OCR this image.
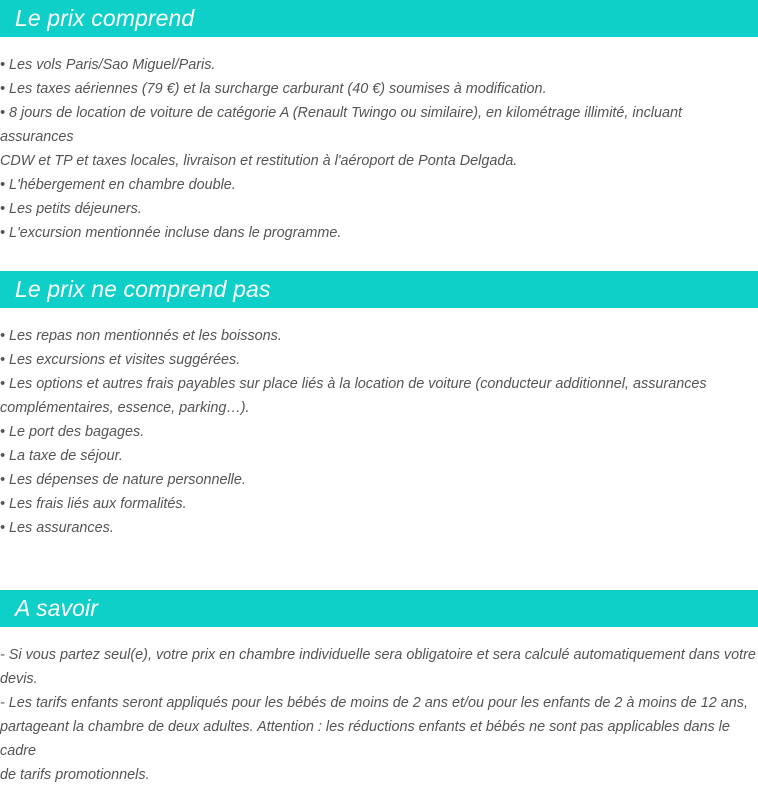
Le prix comprend
• Les vols Paris/Sao Miguel/Paris.
• Les taxes aériennes (79 €) et la surcharge carburant (40 €) soumises à modification.
• 8 jours de location de voiture de catégorie A (Renault Twingo ou similaire), en kilométrage illimité, incluant assurances
CDW et TP et taxes locales, livraison et restitution à l'aéroport de Ponta Delgada.
• L'hébergement en chambre double.
• Les petits déjeuners.
• L'excursion mentionnée incluse dans le programme.
Le prix ne comprend pas
• Les repas non mentionnés et les boissons.
• Les excursions et visites suggérées.
• Les options et autres frais payables sur place liés à la location de voiture (conducteur additionnel, assurances
complémentaires, essence, parking…).
• Le port des bagages.
• La taxe de séjour.
• Les dépenses de nature personnelle.
• Les frais liés aux formalités.
• Les assurances.
A savoir
- Si vous partez seul(e), votre prix en chambre individuelle sera obligatoire et sera calculé automatiquement dans votre
devis.
- Les tarifs enfants seront appliqués pour les bébés de moins de 2 ans et/ou pour les enfants de 2 à moins de 12 ans,
partageant la chambre de deux adultes. Attention : les réductions enfants et bébés ne sont pas applicables dans le cadre
de tarifs promotionnels.
